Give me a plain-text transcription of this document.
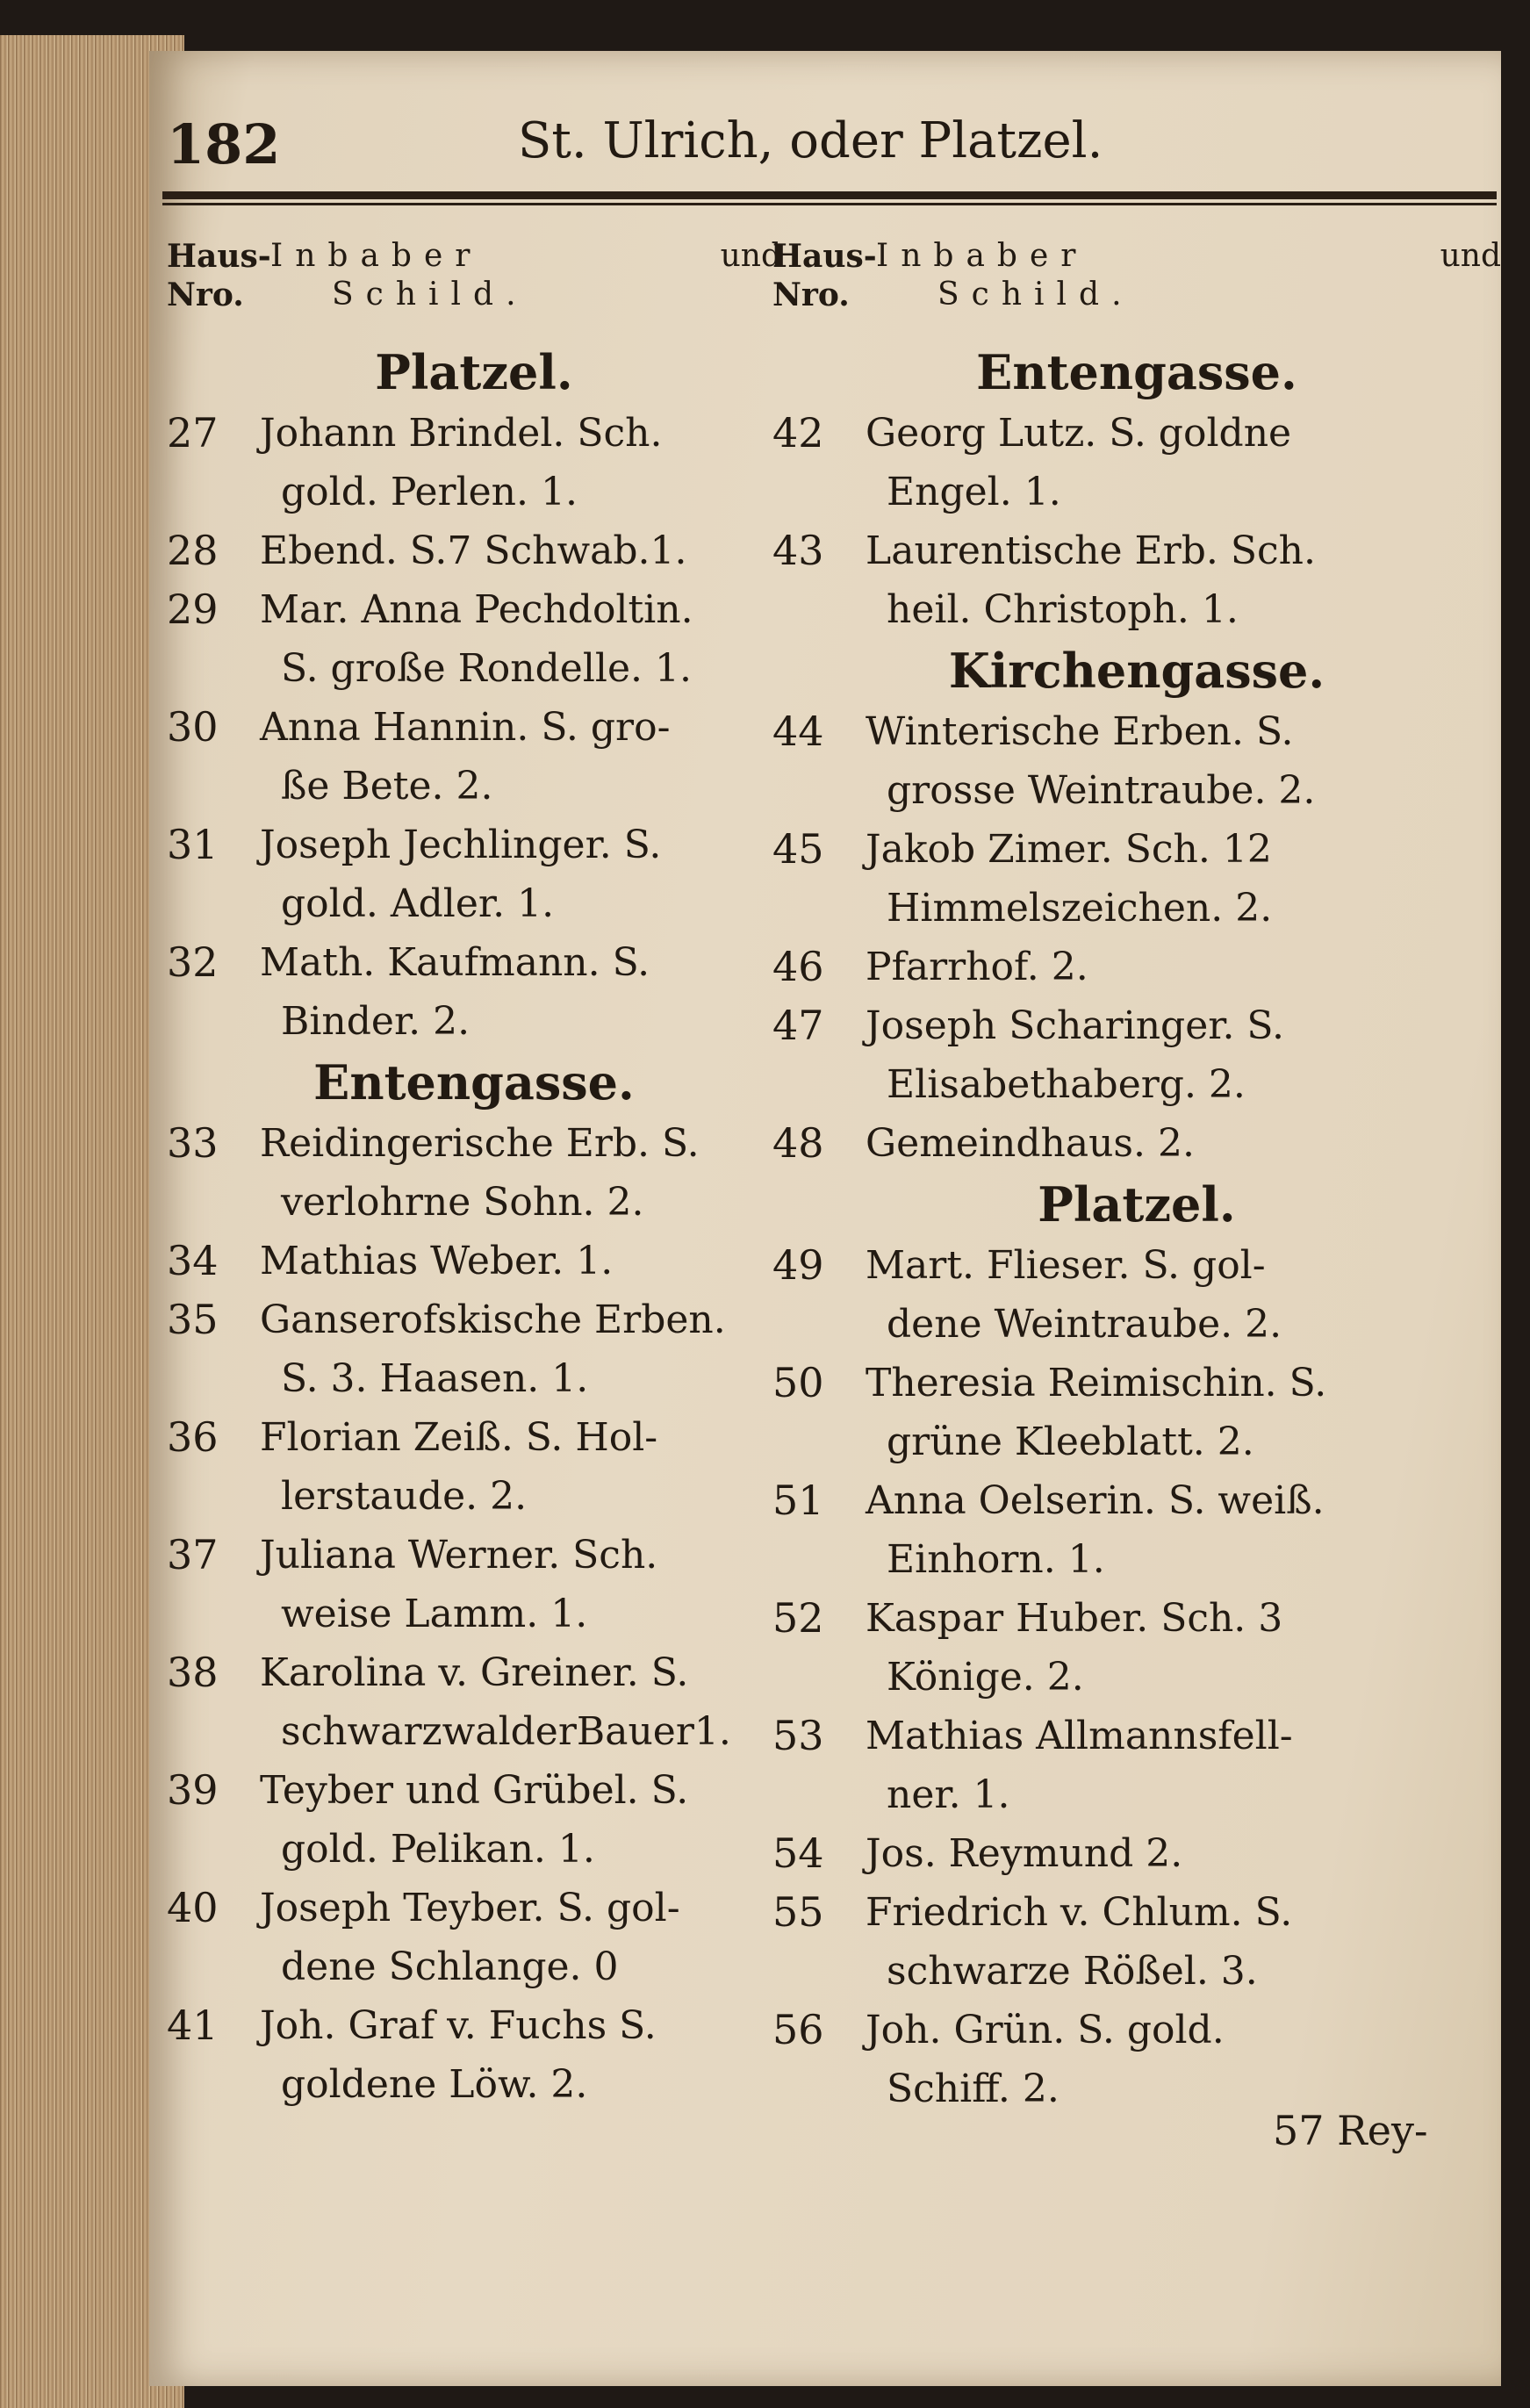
182	St. Ulrich, oder Platzel.
Haus-
Nro.
Inbaber	und
Schild.
Platzel.
27	Johann Brindel. Sch.
gold. Perlen. 1.
28	Ebend. S.7 Schwab.1.
29	Mar. Anna Pechdoltin.
S. große Rondelle. 1.
30	Anna Hannin. S. gro-
ße Bete. 2.
31	Joseph Jechlinger. S.
gold. Adler. 1.
32	Math. Kaufmann. S.
Binder. 2.
Entengasse.
33	Reidingerische Erb. S.
verlohrne Sohn. 2.
34	Mathias Weber. 1.
35	Ganserofskische Erben.
S. 3. Haasen. 1.
36	Florian Zeiß. S. Hol-
lerstaude. 2.
37	Juliana Werner. Sch.
weise Lamm. 1.
38	Karolina v. Greiner. S.
schwarzwalderBauer1.
39	Teyber und Grübel. S.
gold. Pelikan. 1.
40	Joseph Teyber. S. gol-
dene Schlange. 0
41	Joh. Graf v. Fuchs S.
goldene Löw. 2.
Haus-
Nro.
Inbaber	und
Schild.
Entengasse.
42	Georg Lutz. S. goldne
Engel. 1.
43	Laurentische Erb. Sch.
heil. Christoph. 1.
Kirchengasse.
44	Winterische Erben. S.
grosse Weintraube. 2.
45	Jakob Zimer. Sch. 12
Himmelszeichen. 2.
46	Pfarrhof. 2.
47	Joseph Scharinger. S.
Elisabethaberg. 2.
48	Gemeindhaus. 2.
Platzel.
49	Mart. Flieser. S. gol-
dene Weintraube. 2.
50	Theresia Reimischin. S.
grüne Kleeblatt. 2.
51	Anna Oelserin. S. weiß.
Einhorn. 1.
52	Kaspar Huber. Sch. 3
Könige. 2.
53	Mathias Allmannsfell-
ner. 1.
54	Jos. Reymund 2.
55	Friedrich v. Chlum. S.
schwarze Rößel. 3.
56	Joh. Grün. S. gold.
Schiff. 2.
57 Rey-
